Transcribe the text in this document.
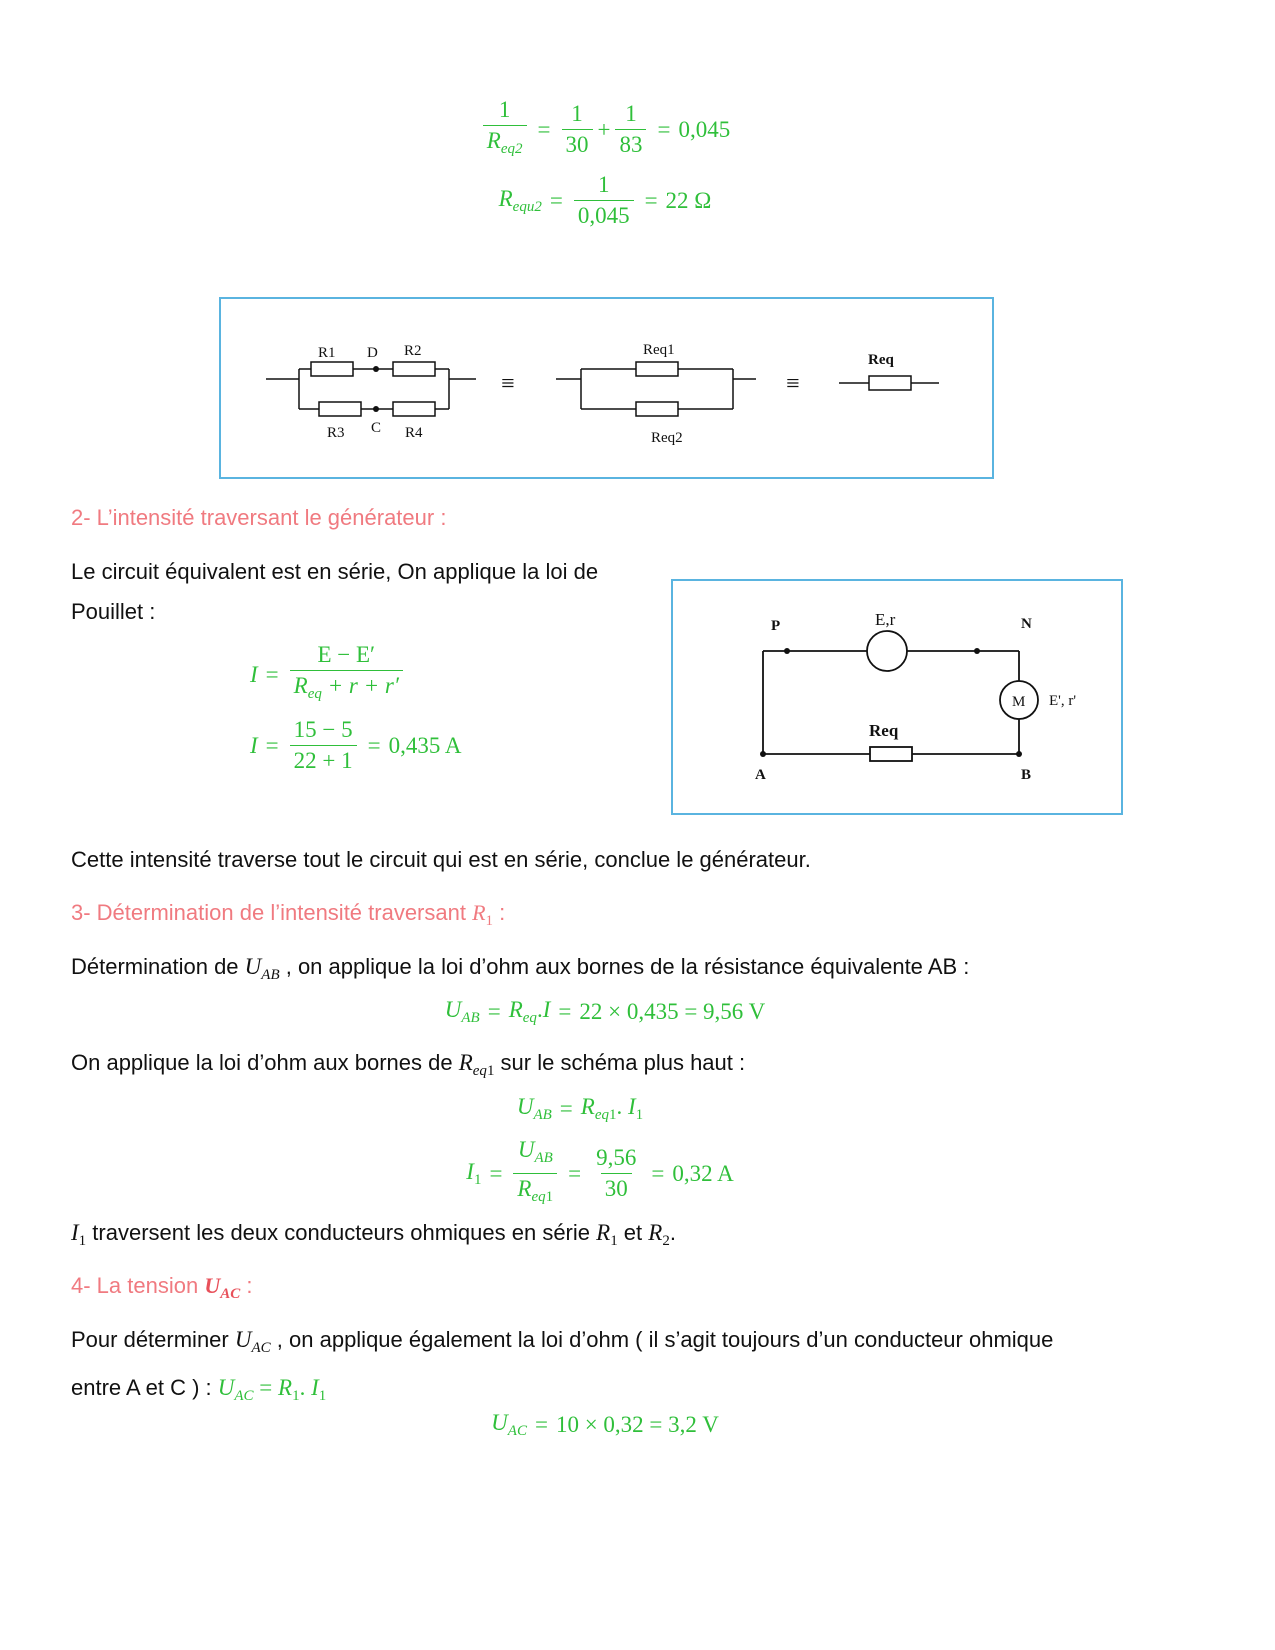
$\frac{1}{R_{eq2}} = \frac{1}{30} + \frac{1}{83} = 0,045$
$R_{equ2} = \frac{1}{0,045} = 22$ Ω
R1 D R2
R3 C R4
Req1
Req2
Req
≡	≡
2- L’intensité traversant le générateur :
Le circuit équivalent est en série, On applique la loi de
Pouillet :
$I = \frac{E - E'}{R_{eq} + r + r'}$
$I = \frac{15 - 5}{22 + 1} = 0,435$ A
P	N
E,r
M E', r'
Req
A	B
Cette intensité traverse tout le circuit qui est en série, conclue le générateur.
3- Détermination de l’intensité traversant $R_1$ :
Détermination de $U_{AB}$ , on applique la loi d’ohm aux bornes de la résistance équivalente AB :
$U_{AB} = R_{eq}.I = 22 \times 0,435 = 9,56$ V
On applique la loi d’ohm aux bornes de $R_{eq1}$ sur le schéma plus haut :
$U_{AB} = R_{eq1}$. $I_1$
$I_1 = \frac{U_{AB}}{R_{eq1}} = \frac{9,56}{30} = 0,32$ A
$I_1$ traversent les deux conducteurs ohmiques en série $R_1$ et $R_2$.
4- La tension $U_{AC}$ :
Pour déterminer $U_{AC}$ , on applique également la loi d’ohm ( il s’agit toujours d’un conducteur ohmique
entre A et C ) : $U_{AC} = R_1$. $I_1$
$U_{AC} = 10 \times 0,32 = 3,2$ V
